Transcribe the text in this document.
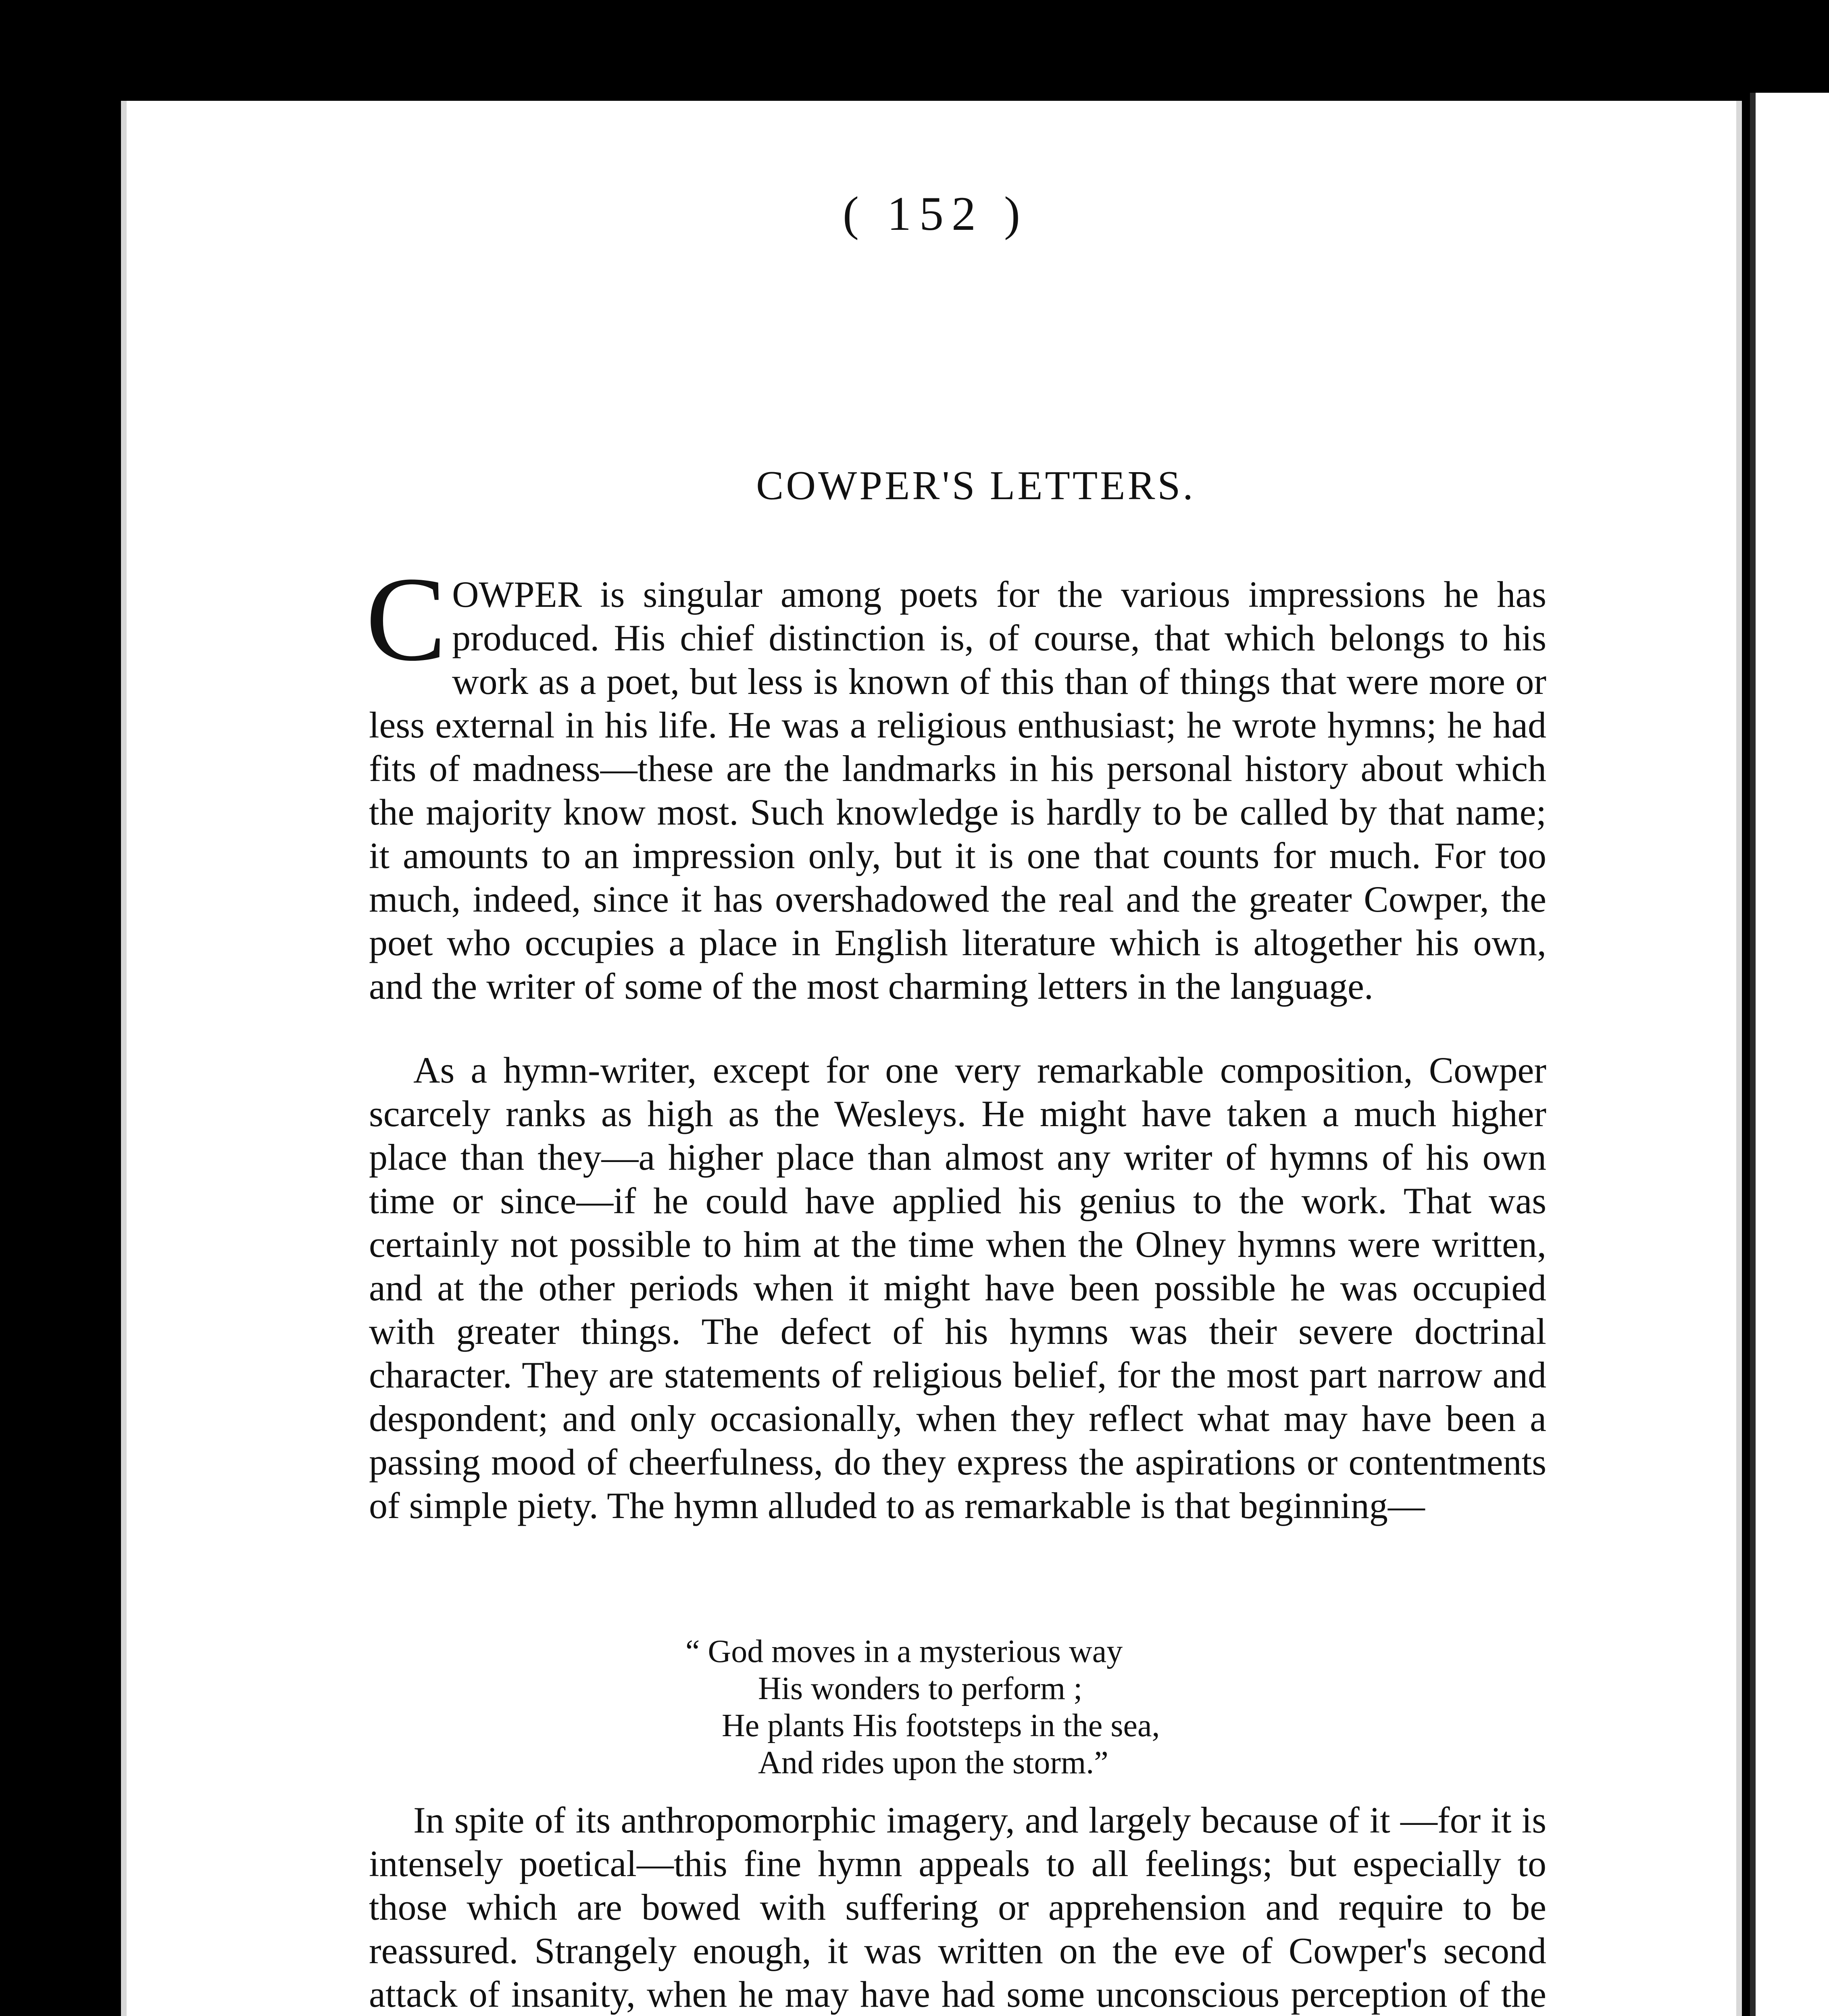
( 152 )
COWPER'S LETTERS.

COWPER is singular among poets for the various impressions he has produced. His chief distinction is, of course, that which belongs to his work as a poet, but less is known of this than of things that were more or less external in his life. He was a religious enthusiast; he wrote hymns; he had fits of madness—these are the landmarks in his personal history about which the majority know most. Such knowledge is hardly to be called by that name; it amounts to an impression only, but it is one that counts for much. For too much, indeed, since it has overshadowed the real and the greater Cowper, the poet who occupies a place in English literature which is altogether his own, and the writer of some of the most charming letters in the language.

As a hymn-writer, except for one very remarkable composition, Cowper scarcely ranks as high as the Wesleys. He might have taken a much higher place than they—a higher place than almost any writer of hymns of his own time or since—if he could have applied his genius to the work. That was certainly not possible to him at the time when the Olney hymns were written, and at the other periods when it might have been possible he was occupied with greater things. The defect of his hymns was their severe doctrinal character. They are statements of religious belief, for the most part narrow and despondent; and only occasionally, when they reflect what may have been a passing mood of cheerfulness, do they express the aspirations or contentments of simple piety. The hymn alluded to as remarkable is that beginning—

“ God moves in a mysterious way
His wonders to perform ;
He plants His footsteps in the sea,
And rides upon the storm.”

In spite of its anthropomorphic imagery, and largely because of it —for it is intensely poetical—this fine hymn appeals to all feelings; but especially to those which are bowed with suffering or apprehension and require to be reassured. Strangely enough, it was written on the eve of Cowper's second attack of insanity, when he may have had some unconscious perception of the
